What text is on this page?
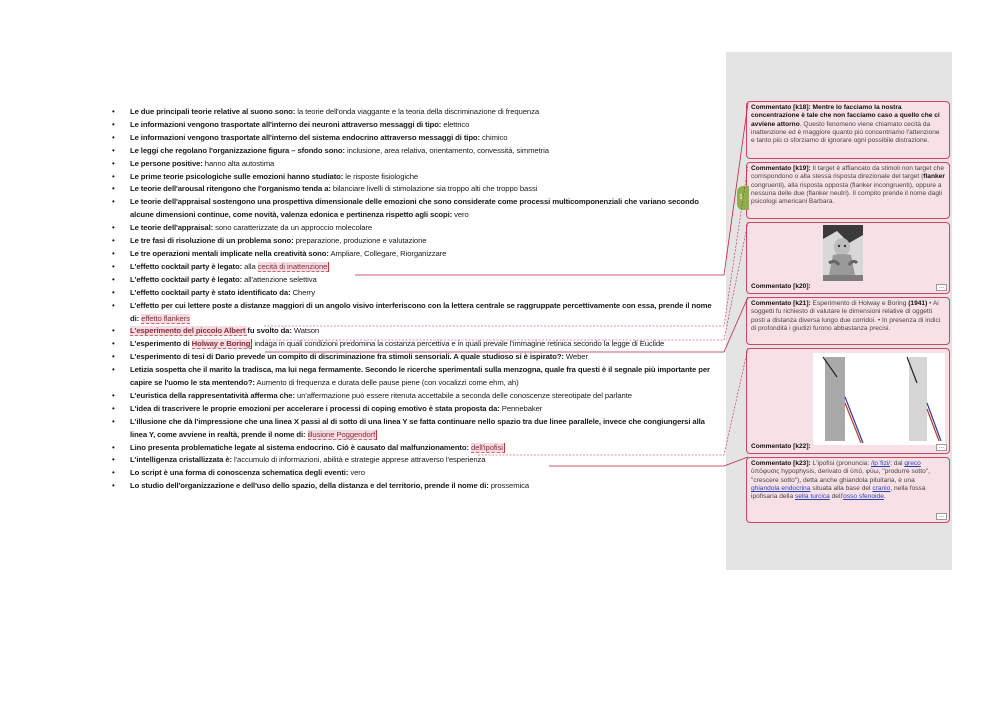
• Le due principali teorie relative al suono sono: la teorie dell'onda viaggante e la teoria della discriminazione di frequenza
• Le informazioni vengono trasportate all'interno dei neuroni attraverso messaggi di tipo: elettrico
• Le informazioni vengono trasportate all'interno del sistema endocrino attraverso messaggi di tipo: chimico
• Le leggi che regolano l'organizzazione figura – sfondo sono: inclusione, area relativa, orientamento, convessità, simmetria
• Le persone positive: hanno alta autostima
• Le prime teorie psicologiche sulle emozioni hanno studiato: le risposte fisiologiche
• Le teorie dell'arousal ritengono che l'organismo tenda a: bilanciare livelli di stimolazione sia troppo alti che troppo bassi
• Le teorie dell'appraisal sostengono una prospettiva dimensionale delle emozioni che sono considerate come processi multicomponenziali che variano secondo alcune dimensioni continue, come novità, valenza edonica e pertinenza rispetto agli scopi: vero
• Le teorie dell'appraisal: sono caratterizzate da un approccio molecolare
• Le tre fasi di risoluzione di un problema sono: preparazione, produzione e valutazione
• Le tre operazioni mentali implicate nella creatività sono: Ampliare, Collegare, Riorganizzare
• L'effetto cocktail party è legato: alla cecità di inattenzione
• L'effetto cocktail party è legato: all'attenzione selettiva
• L'effetto cocktail party è stato identificato da: Cherry
• L'effetto per cui lettere poste a distanze maggiori di un angolo visivo interferiscono con la lettera centrale se raggruppate percettivamente con essa, prende il nome di: effetto flankers
• L'esperimento del piccolo Albert fu svolto da: Watson
• L'esperimento di Holway e Boring indaga in quali condizioni predomina la costanza percettiva e in quali prevale l'immagine retinica secondo la legge di Euclide
• L'esperimento di tesi di Dario prevede un compito di discriminazione fra stimoli sensoriali. A quale studioso si è ispirato?: Weber
• Letizia sospetta che il marito la tradisca, ma lui nega fermamente. Secondo le ricerche sperimentali sulla menzogna, quale fra questi è il segnale più importante per capire se l'uomo le sta mentendo?: Aumento di frequenza e durata delle pause piene (con vocalizzi come ehm, ah)
• L'euristica della rappresentatività afferma che: un'affermazione può essere ritenuta accettabile a seconda delle conoscenze stereotipate del parlante
• L'idea di trascrivere le proprie emozioni per accelerare i processi di coping emotivo è stata proposta da: Pennebaker
• L'illusione che dà l'impressione che una linea X passi al di sotto di una linea Y se fatta continuare nello spazio tra due linee parallele, invece che congiungersi alla linea Y, come avviene in realtà, prende il nome di: illusione Poggendorf
• Lino presenta problematiche legate al sistema endocrino. Ciò è causato dal malfunzionamento: dell'ipofisi
• L'intelligenza cristallizzata è: l'accumulo di informazioni, abilità e strategie apprese attraverso l'esperienza
• Lo script è una forma di conoscenza schematica degli eventi: vero
• Lo studio dell'organizzazione e dell'uso dello spazio, della distanza e del territorio, prende il nome di: prossemica
Commentato [k18]: Mentre lo facciamo la nostra concentrazione è tale che non facciamo caso a quello che ci avviene attorno. Questo fenomeno viene chiamato cecità da inattenzione ed è maggiore quanto più concentriamo l'attenzione e tanto più ci sforziamo di ignorare ogni possibile distrazione.
Commentato [k19]: Il target è affiancato da stimoli non target che corrispondono o alla stessa risposta direzionale del target (flanker congruenti), alla risposta opposta (flanker incongruenti), oppure a nessuna delle due (flanker neutri). Il compito prende il nome dagli psicologi americani Barbara.
Commentato [k20]:	...
Commentato [k21]: Esperimento di Holway e Boring (1941) • Ai soggetti fu richiesto di valutare le dimensioni relative di oggetti posti a distanza diversa lungo due corridoi. • In presenza di indici di profondità i giudizi furono abbastanza precisi.
Commentato [k22]:	...
Commentato [k23]: L'ipofisi (pronuncia: /ipˈfizi/; dal greco ὑπόφυσις hypophysis, derivato di ὑπό, φύω, "produrre sotto", "crescere sotto"), detta anche ghiandola pituitaria, è una ghiandola endocrina situata alla base del cranio, nella fossa ipofisaria della sella turcica dell'osso sfenoide.
...
1
